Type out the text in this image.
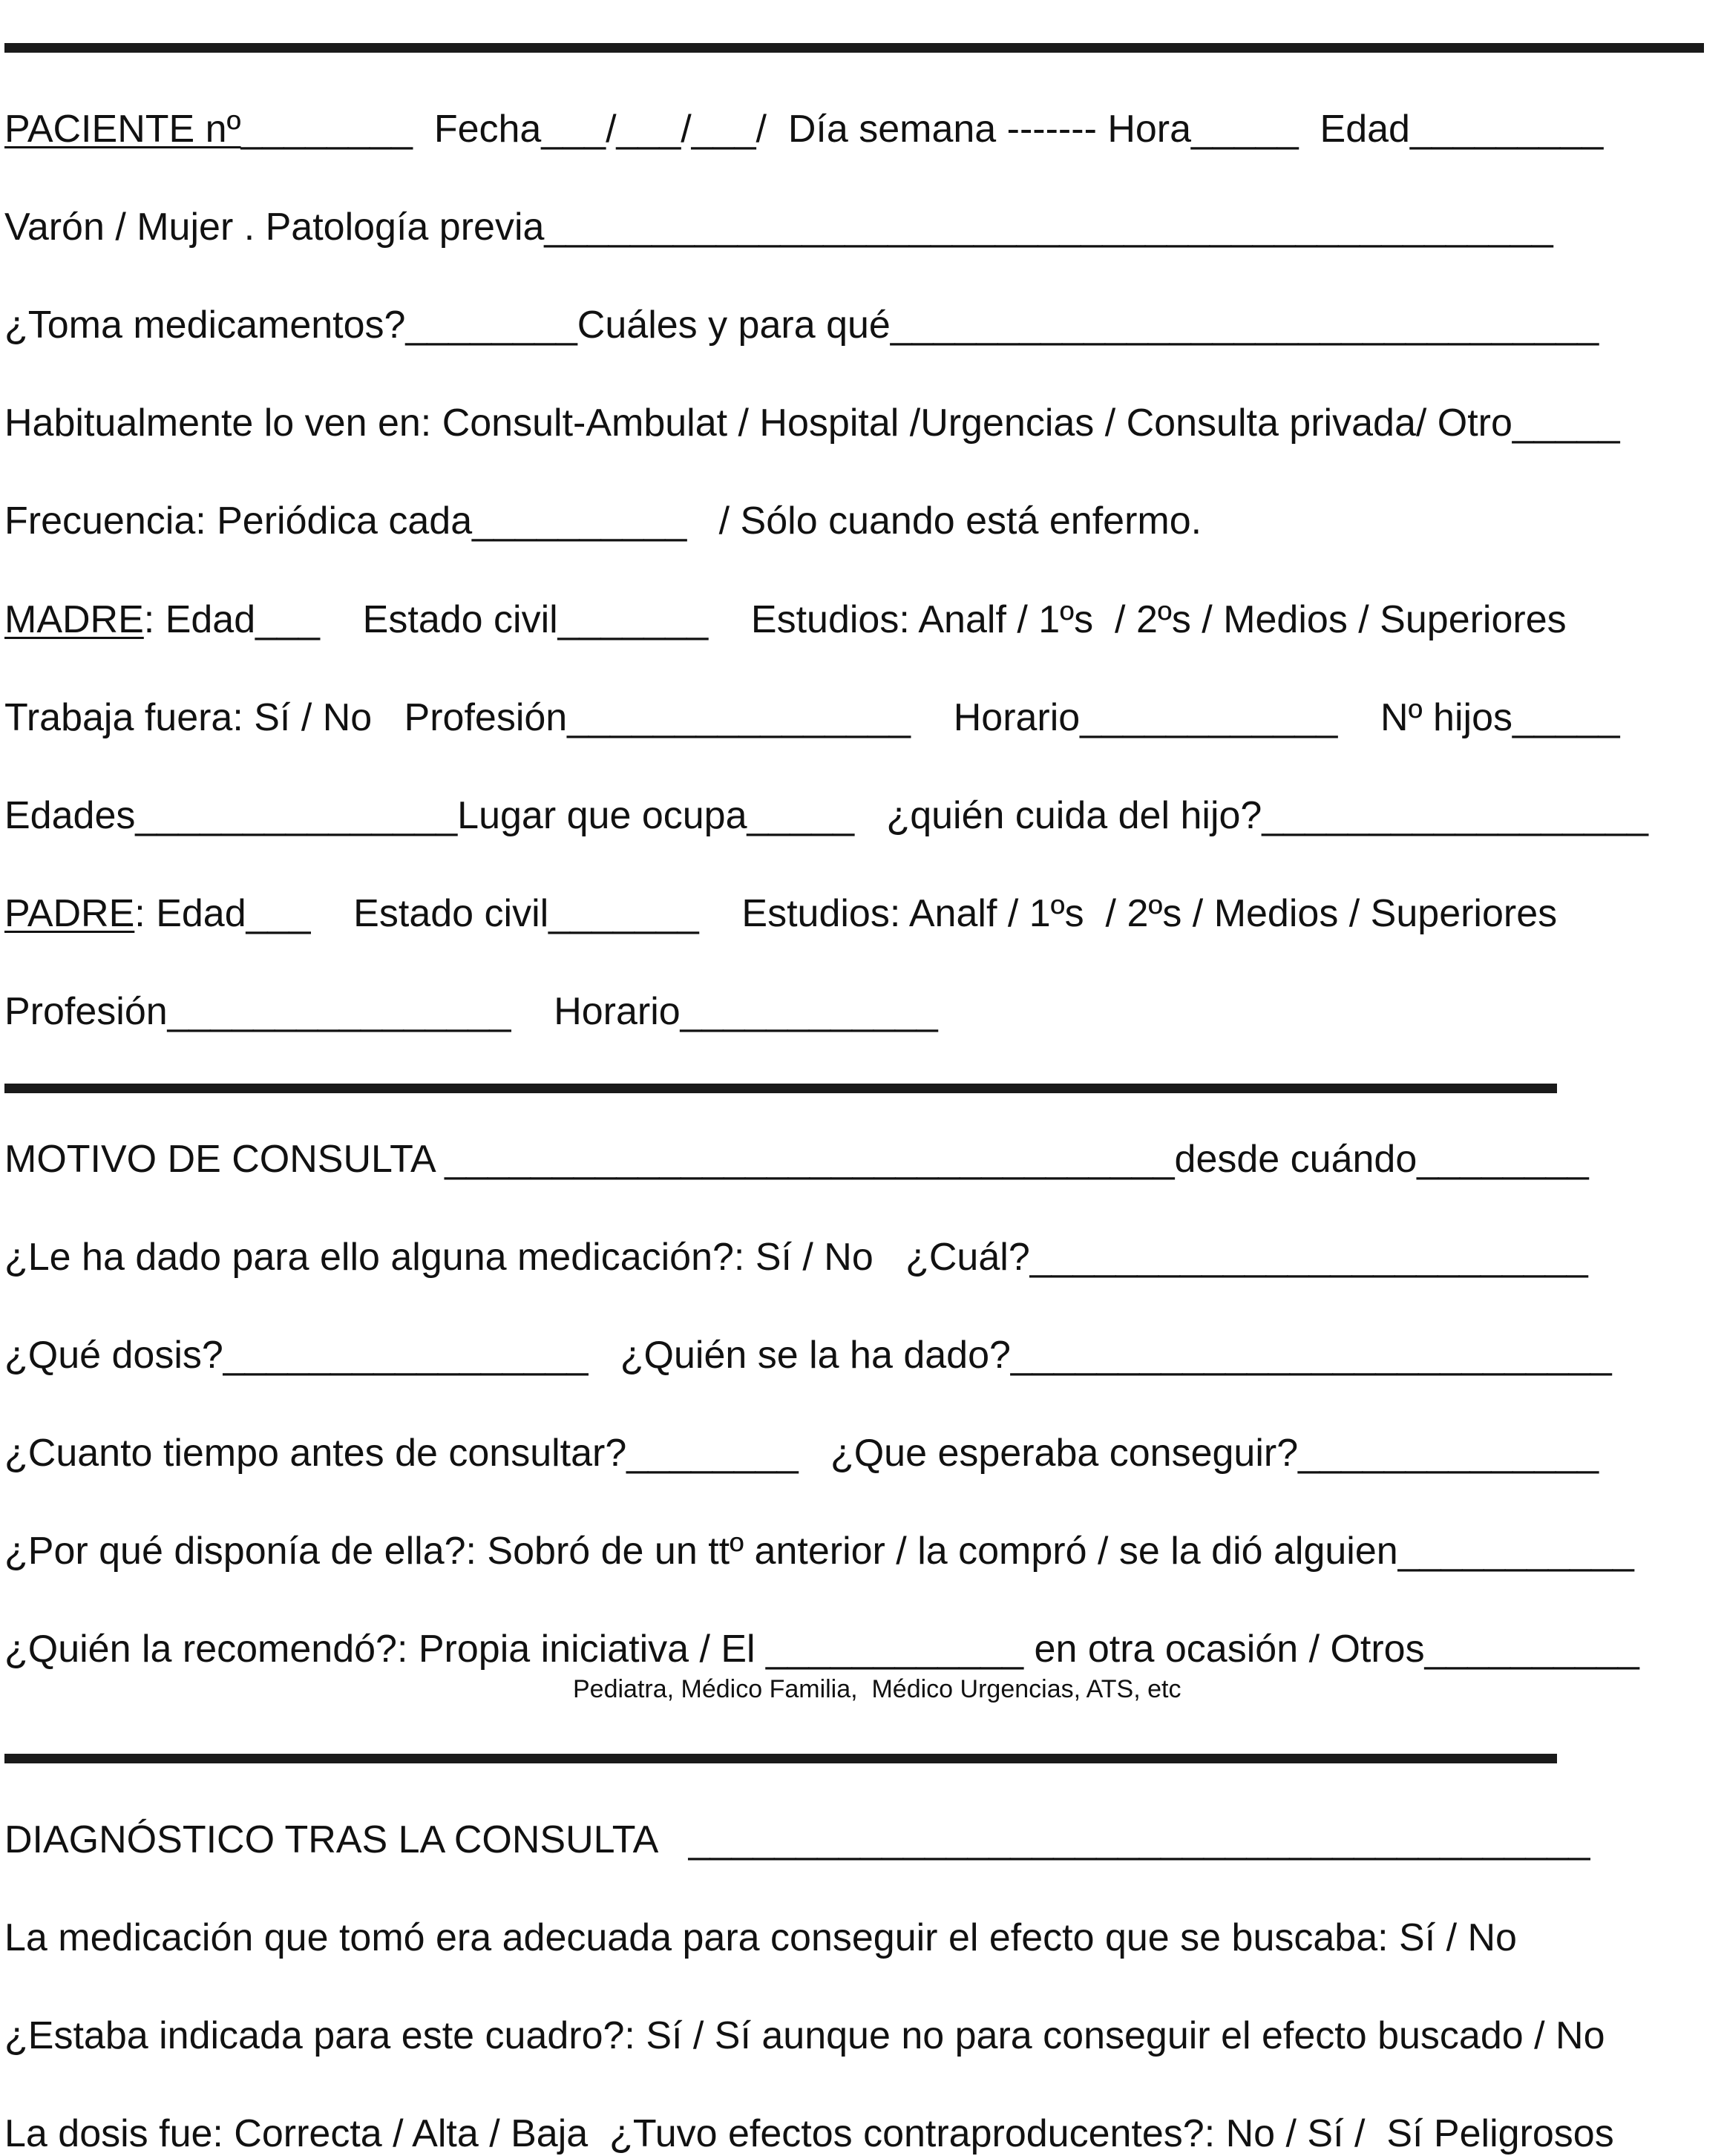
PACIENTE nº________  Fecha___/___/___/  Día semana ------- Hora_____  Edad_________
Varón / Mujer . Patología previa_______________________________________________
¿Toma medicamentos?________Cuáles y para qué_________________________________
Habitualmente lo ven en: Consult-Ambulat / Hospital /Urgencias / Consulta privada/ Otro_____
Frecuencia: Periódica cada__________   / Sólo cuando está enfermo.
MADRE: Edad___    Estado civil_______    Estudios: Analf / 1ºs  / 2ºs / Medios / Superiores
Trabaja fuera: Sí / No   Profesión________________    Horario____________    Nº hijos_____
Edades_______________Lugar que ocupa_____   ¿quién cuida del hijo?__________________
PADRE: Edad___    Estado civil_______    Estudios: Analf / 1ºs  / 2ºs / Medios / Superiores
Profesión________________    Horario____________
MOTIVO DE CONSULTA __________________________________desde cuándo________
¿Le ha dado para ello alguna medicación?: Sí / No   ¿Cuál?__________________________
¿Qué dosis?_________________   ¿Quién se la ha dado?____________________________
¿Cuanto tiempo antes de consultar?________   ¿Que esperaba conseguir?______________
¿Por qué disponía de ella?: Sobró de un ttº anterior / la compró / se la dió alguien___________
¿Quién la recomendó?: Propia iniciativa / El ____________ en otra ocasión / Otros__________
Pediatra, Médico Familia,  Médico Urgencias, ATS, etc
DIAGNÓSTICO TRAS LA CONSULTA   __________________________________________
La medicación que tomó era adecuada para conseguir el efecto que se buscaba: Sí / No
¿Estaba indicada para este cuadro?: Sí / Sí aunque no para conseguir el efecto buscado / No
La dosis fue: Correcta / Alta / Baja  ¿Tuvo efectos contraproducentes?: No / Sí /  Sí Peligrosos
